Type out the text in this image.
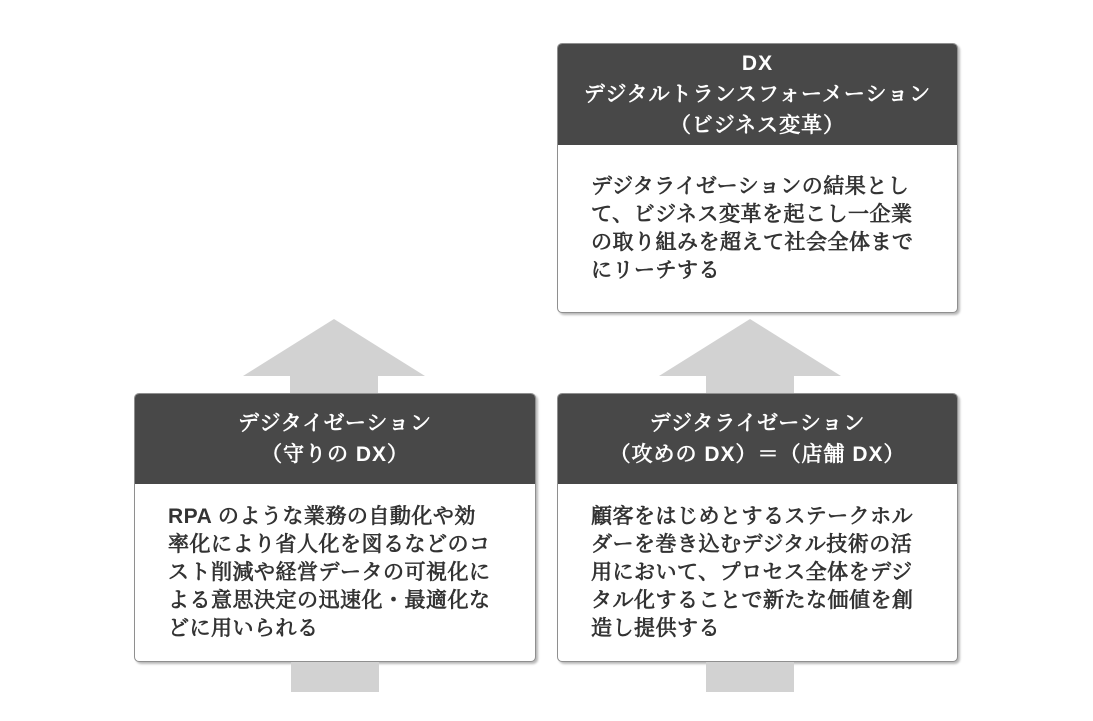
DX
デジタルトランスフォーメーション
（ビジネス変革）
デジタライゼーションの結果とし
て、ビジネス変革を起こし一企業
の取り組みを超えて社会全体まで
にリーチする
デジタイゼーション
（守りの DX）
RPA のような業務の自動化や効
率化により省人化を図るなどのコ
スト削減や経営データの可視化に
よる意思決定の迅速化・最適化な
どに用いられる
デジタライゼーション
（攻めの DX）＝（店舗 DX）
顧客をはじめとするステークホル
ダーを巻き込むデジタル技術の活
用において、プロセス全体をデジ
タル化することで新たな価値を創
造し提供する
